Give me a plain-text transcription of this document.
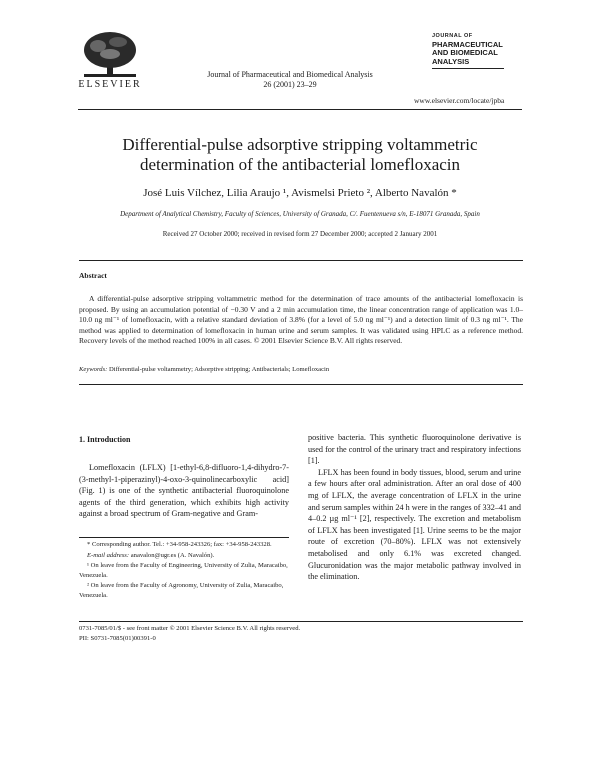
ELSEVIER
Journal of Pharmaceutical and Biomedical Analysis
26 (2001) 23–29
JOURNAL OF
PHARMACEUTICAL
AND BIOMEDICAL
ANALYSIS
www.elsevier.com/locate/jpba
Differential-pulse adsorptive stripping voltammetric
determination of the antibacterial lomefloxacin
José Luis Vílchez, Lilia Araujo ¹, Avismelsi Prieto ², Alberto Navalón *
Department of Analytical Chemistry, Faculty of Sciences, University of Granada, C/. Fuentenueva s/n, E-18071 Granada, Spain
Received 27 October 2000; received in revised form 27 December 2000; accepted 2 January 2001
Abstract

A differential-pulse adsorptive stripping voltammetric method for the determination of trace amounts of the antibacterial lomefloxacin is proposed. By using an accumulation potential of −0.30 V and a 2 min accumulation time, the linear concentration range of application was 1.0–10.0 ng ml⁻¹ of lomefloxacin, with a relative standard deviation of 3.8% (for a level of 5.0 ng ml⁻¹) and a detection limit of 0.3 ng ml⁻¹. The method was applied to determination of lomefloxacin in human urine and serum samples. It was validated using HPLC as a reference method. Recovery levels of the method reached 100% in all cases. © 2001 Elsevier Science B.V. All rights reserved.

Keywords: Differential-pulse voltammetry; Adsorptive stripping; Antibacterials; Lomefloxacin
1. Introduction

Lomefloxacin (LFLX) [1-ethyl-6,8-difluoro-1,4-dihydro-7-(3-methyl-1-piperazinyl)-4-oxo-3-quinolinecarboxylic acid] (Fig. 1) is one of the synthetic antibacterial fluoroquinolone agents of the third generation, which exhibits high activity against a broad spectrum of Gram-negative and Gram-

positive bacteria. This synthetic fluoroquinolone derivative is used for the control of the urinary tract and respiratory infections [1].

LFLX has been found in body tissues, blood, serum and urine a few hours after oral administration. After an oral dose of 400 mg of LFLX, the average concentration of LFLX in the urine and serum samples within 24 h were in the ranges of 332–41 and 4–0.2 µg ml⁻¹ [2], respectively. The excretion and metabolism of LFLX has been investigated [1]. Urine seems to be the major route of excretion (70–80%). LFLX was not extensively metabolised and only 6.1% was excreted changed. Glucuronidation was the major metabolic pathway involved in the elimination.

* Corresponding author. Tel.: +34-958-243326; fax: +34-958-243328.

E-mail address: anavalon@ugr.es (A. Navalón).

¹ On leave from the Faculty of Engineering, University of Zulia, Maracaibo, Venezuela.

² On leave from the Faculty of Agronomy, University of Zulia, Maracaibo, Venezuela.

0731-7085/01/$ - see front matter © 2001 Elsevier Science B.V. All rights reserved.
PII: S0731-7085(01)00391-0
